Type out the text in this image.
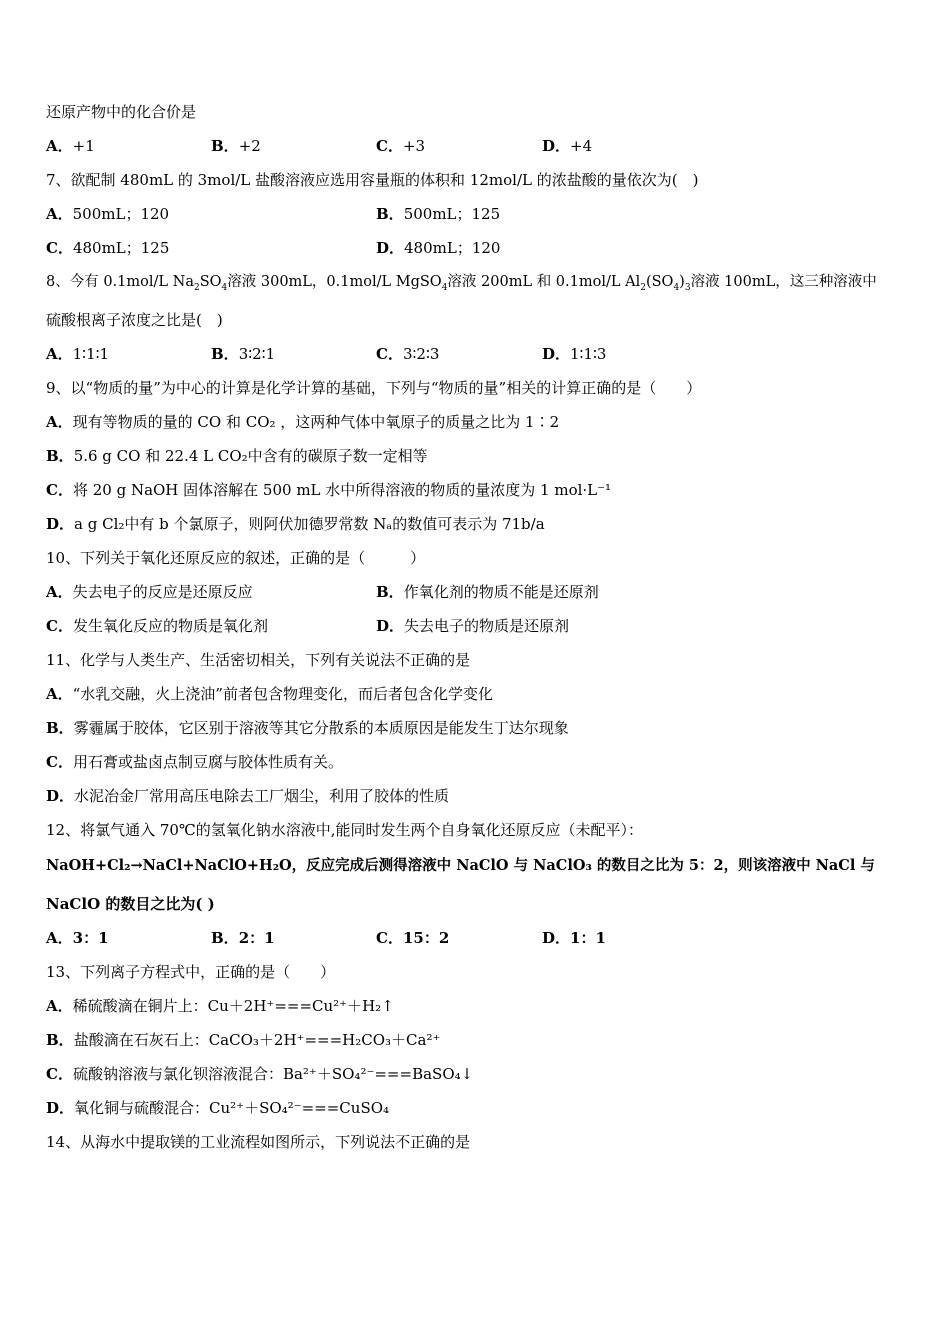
还原产物中的化合价是
A．+1	B．+2	C．+3	D．+4
7、欲配制 480mL 的 3mol/L 盐酸溶液应选用容量瓶的体积和 12mol/L 的浓盐酸的量依次为(　)
A．500mL；120	B．500mL；125
C．480mL；125	D．480mL；120
8、今有 0.1mol/L $Na_2SO_4$溶液 300mL，0.1mol/L MgSO$_4$溶液 200mL 和 0.1mol/L $Al_2(SO_4)_3$溶液 100mL，这三种溶液中
硫酸根离子浓度之比是(　)
A．1∶1∶1	B．3∶2∶1	C．3∶2∶3	D．1∶1∶3
9、以“物质的量”为中心的计算是化学计算的基础，下列与“物质的量”相关的计算正确的是（　　）
A．现有等物质的量的 CO 和 CO₂ ，这两种气体中氧原子的质量之比为 1∶2
B．5.6 g CO 和 22.4 L CO₂中含有的碳原子数一定相等
C．将 20 g NaOH 固体溶解在 500 mL 水中所得溶液的物质的量浓度为 1 mol·L⁻¹
D．a g Cl₂中有 b 个氯原子，则阿伏加德罗常数 Nₐ的数值可表示为 71b/a
10、下列关于氧化还原反应的叙述，正确的是（　　　）
A．失去电子的反应是还原反应	B．作氧化剂的物质不能是还原剂
C．发生氧化反应的物质是氧化剂	D．失去电子的物质是还原剂
11、化学与人类生产、生活密切相关，下列有关说法不正确的是
A．“水乳交融，火上浇油”前者包含物理变化，而后者包含化学变化
B．雾霾属于胶体，它区别于溶液等其它分散系的本质原因是能发生丁达尔现象
C．用石膏或盐卤点制豆腐与胶体性质有关。
D．水泥冶金厂常用高压电除去工厂烟尘，利用了胶体的性质
12、将氯气通入 70℃的氢氧化钠水溶液中,能同时发生两个自身氧化还原反应（未配平）：
NaOH+Cl₂→NaCl+NaClO+H₂O，反应完成后测得溶液中 NaClO 与 NaClO₃ 的数目之比为 5：2，则该溶液中 NaCl 与
NaClO 的数目之比为( )
A．3：1	B．2：1	C．15：2	D．1：1
13、下列离子方程式中，正确的是（　　）
A．稀硫酸滴在铜片上：Cu＋2H⁺===Cu²⁺＋H₂↑
B．盐酸滴在石灰石上：CaCO₃＋2H⁺===H₂CO₃＋Ca²⁺
C．硫酸钠溶液与氯化钡溶液混合：Ba²⁺＋SO₄²⁻===BaSO₄↓
D．氧化铜与硫酸混合：Cu²⁺＋SO₄²⁻===CuSO₄
14、从海水中提取镁的工业流程如图所示，下列说法不正确的是
